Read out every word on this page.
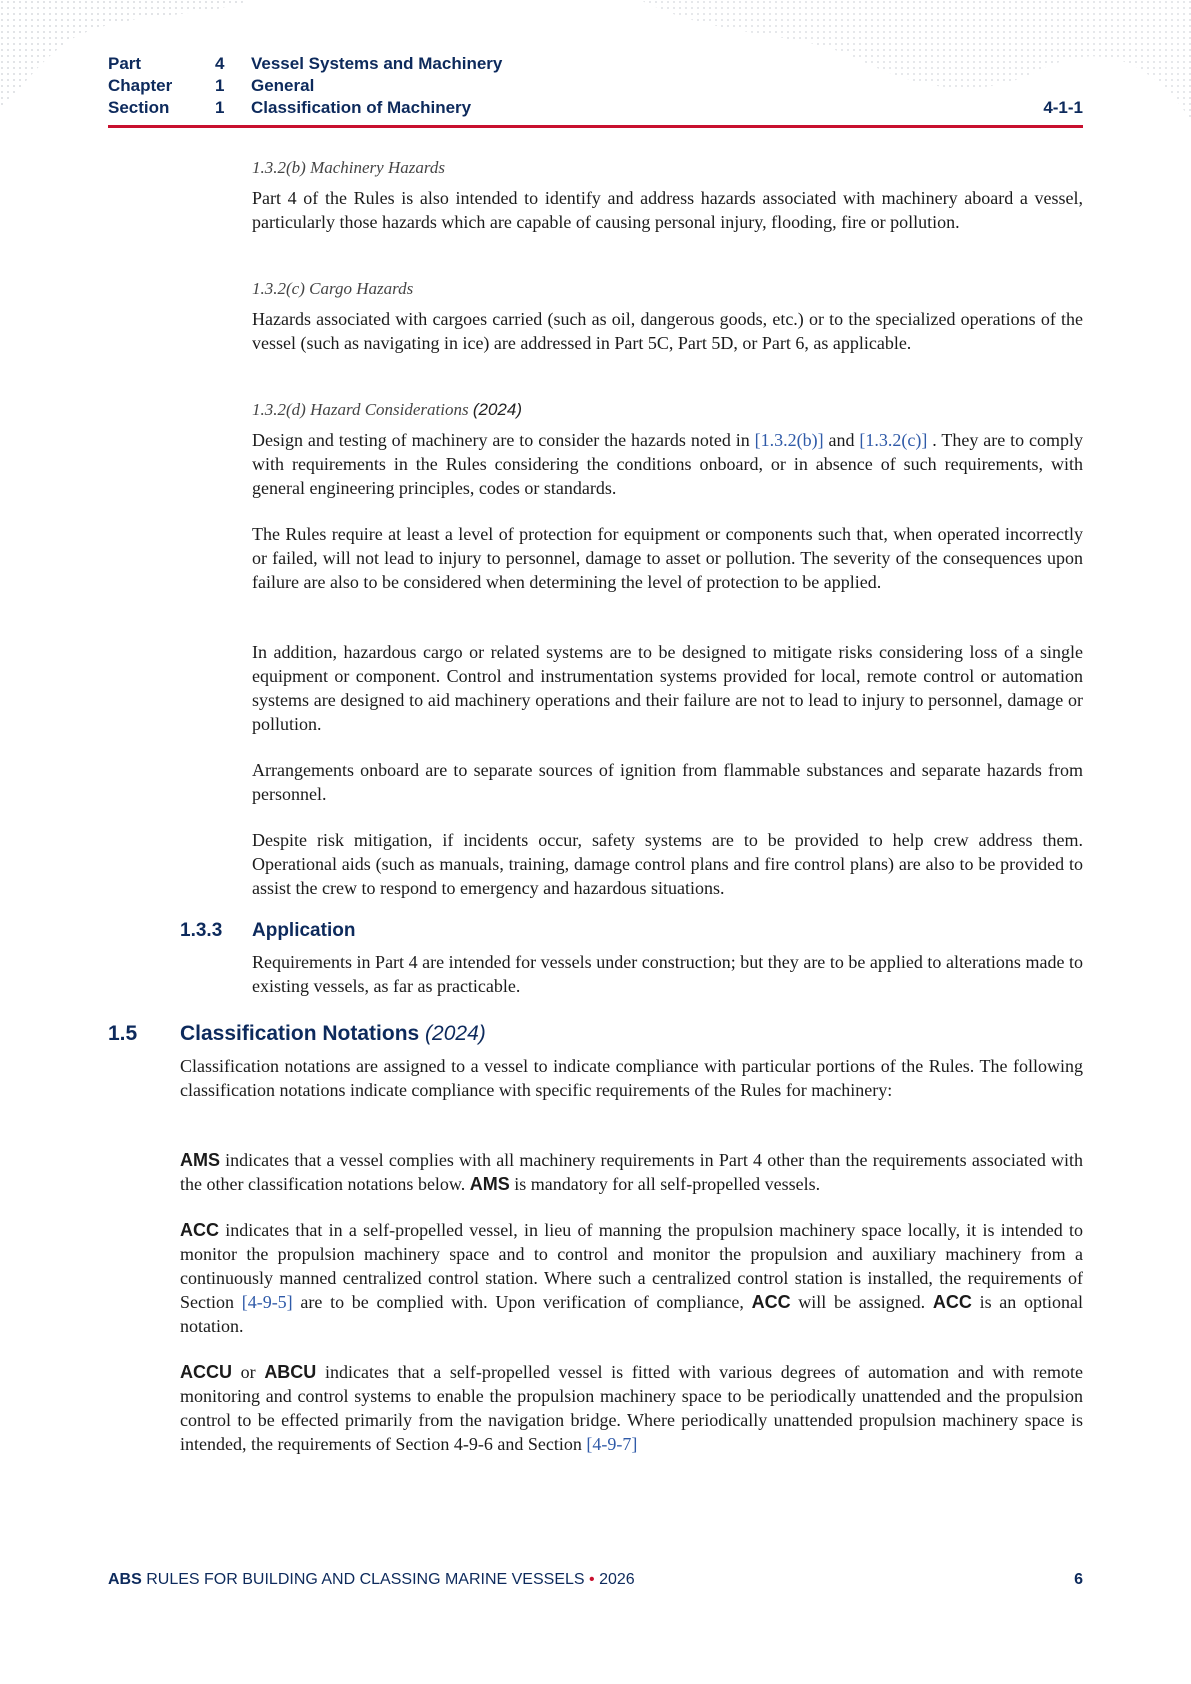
Part	4 Vessel Systems and Machinery
Chapter	1 General
Section	1 Classification of Machinery	4-1-1
1.3.2(b) Machinery Hazards
Part 4 of the Rules is also intended to identify and address hazards associated with machinery aboard a vessel, particularly those hazards which are capable of causing personal injury, flooding, fire or pollution.
1.3.2(c) Cargo Hazards
Hazards associated with cargoes carried (such as oil, dangerous goods, etc.) or to the specialized operations of the vessel (such as navigating in ice) are addressed in Part 5C, Part 5D, or Part 6, as applicable.
1.3.2(d) Hazard Considerations (2024)
Design and testing of machinery are to consider the hazards noted in [1.3.2(b)] and [1.3.2(c)] . They are to comply with requirements in the Rules considering the conditions onboard, or in absence of such requirements, with general engineering principles, codes or standards.
The Rules require at least a level of protection for equipment or components such that, when operated incorrectly or failed, will not lead to injury to personnel, damage to asset or pollution. The severity of the consequences upon failure are also to be considered when determining the level of protection to be applied.
In addition, hazardous cargo or related systems are to be designed to mitigate risks considering loss of a single equipment or component. Control and instrumentation systems provided for local, remote control or automation systems are designed to aid machinery operations and their failure are not to lead to injury to personnel, damage or pollution.
Arrangements onboard are to separate sources of ignition from flammable substances and separate hazards from personnel.
Despite risk mitigation, if incidents occur, safety systems are to be provided to help crew address them. Operational aids (such as manuals, training, damage control plans and fire control plans) are also to be provided to assist the crew to respond to emergency and hazardous situations.
1.3.3 Application
Requirements in Part 4 are intended for vessels under construction; but they are to be applied to alterations made to existing vessels, as far as practicable.
1.5 Classification Notations (2024)
Classification notations are assigned to a vessel to indicate compliance with particular portions of the Rules. The following classification notations indicate compliance with specific requirements of the Rules for machinery:
AMS indicates that a vessel complies with all machinery requirements in Part 4 other than the requirements associated with the other classification notations below. AMS is mandatory for all self-propelled vessels.
ACC indicates that in a self-propelled vessel, in lieu of manning the propulsion machinery space locally, it is intended to monitor the propulsion machinery space and to control and monitor the propulsion and auxiliary machinery from a continuously manned centralized control station. Where such a centralized control station is installed, the requirements of Section [4-9-5] are to be complied with. Upon verification of compliance, ACC will be assigned. ACC is an optional notation.
ACCU or ABCU indicates that a self-propelled vessel is fitted with various degrees of automation and with remote monitoring and control systems to enable the propulsion machinery space to be periodically unattended and the propulsion control to be effected primarily from the navigation bridge. Where periodically unattended propulsion machinery space is intended, the requirements of Section 4-9-6 and Section [4-9-7]
ABS RULES FOR BUILDING AND CLASSING MARINE VESSELS • 2026	6
